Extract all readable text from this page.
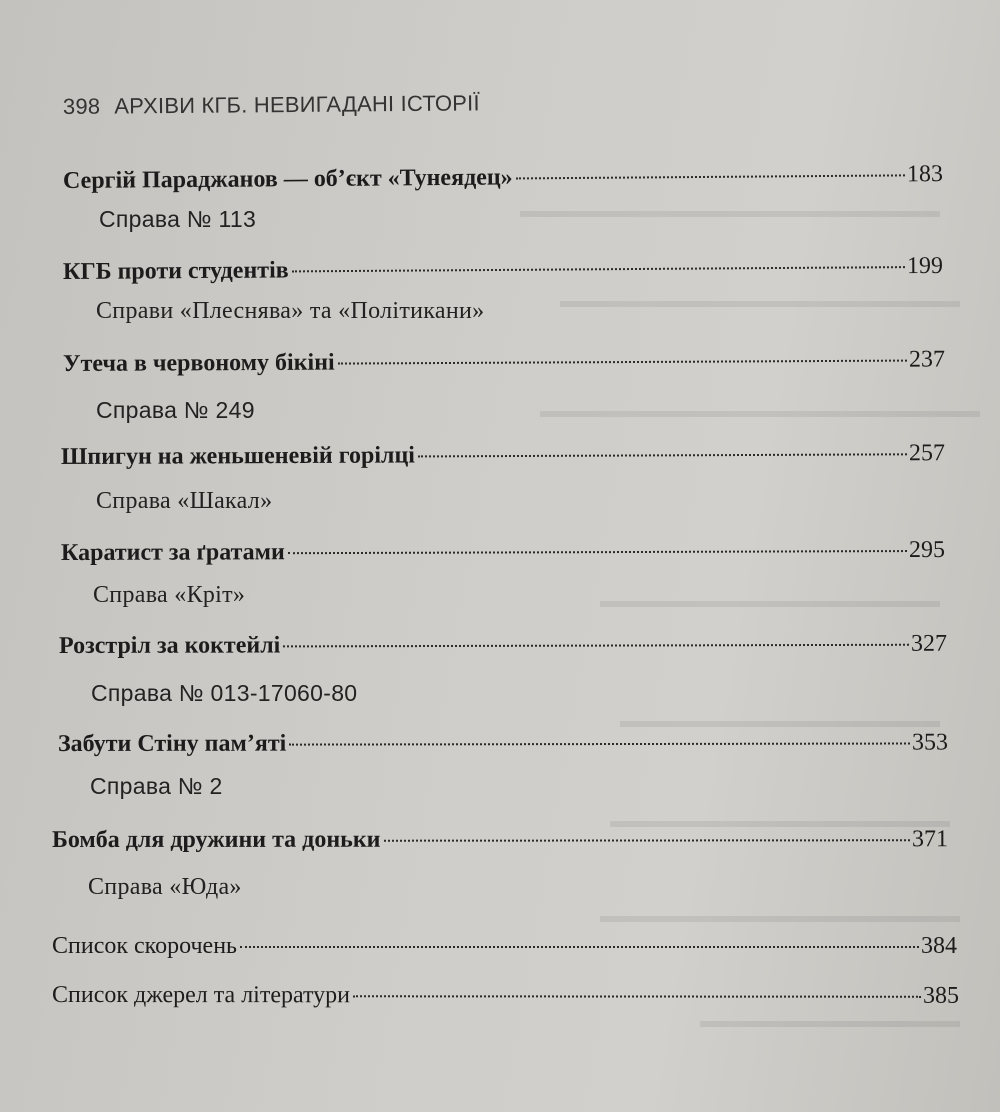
▬▬▬▬▬▬▬▬▬▬▬▬▬▬▬▬▬▬▬▬▬
▬▬▬▬▬▬▬▬▬▬▬▬▬▬▬▬▬▬▬▬
▬▬▬▬▬▬▬▬▬▬▬▬▬▬▬▬▬▬▬▬▬▬
▬▬▬▬▬▬▬▬▬▬▬▬▬▬▬▬▬
▬▬▬▬▬▬▬▬▬▬▬▬▬▬▬▬
▬▬▬▬▬▬▬▬▬▬▬▬▬▬▬▬▬
▬▬▬▬▬▬▬▬▬▬▬▬▬▬▬▬▬▬
▬▬▬▬▬▬▬▬▬▬▬▬▬
398 АРХІВИ КГБ. НЕВИГАДАНІ ІСТОРІЇ
Сергій Параджанов — об’єкт «Тунеядец»	183
Справа № 113
КГБ проти студентів	199
Справи «Плеснява» та «Політикани»
Утеча в червоному бікіні	237
Справа № 249
Шпигун на женьшеневій горілці	257
Справа «Шакал»
Каратист за ґратами	295
Справа «Кріт»
Розстріл за коктейлі	327
Справа № 013-17060-80
Забути Стіну пам’яті	353
Справа № 2
Бомба для дружини та доньки	371
Справа «Юда»
Список скорочень	384
Список джерел та літератури	385
